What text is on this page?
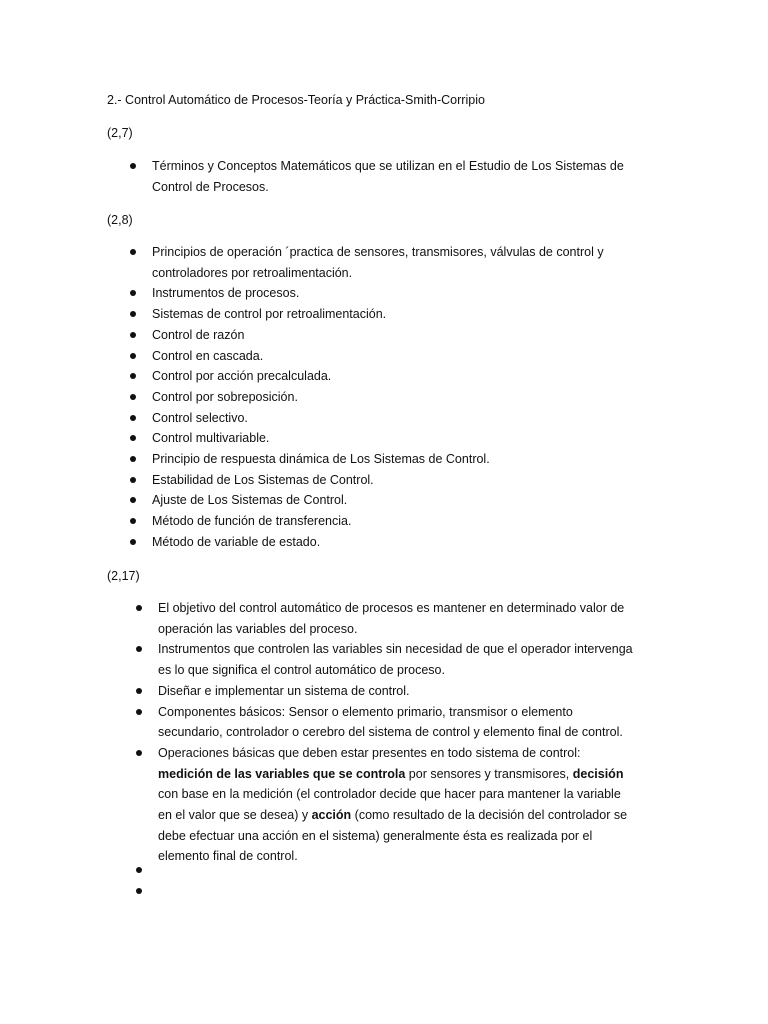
2.- Control Automático de Procesos-Teoría y Práctica-Smith-Corripio

(2,7)

Términos y Conceptos Matemáticos que se utilizan en el Estudio de Los Sistemas de Control de Procesos.

(2,8)

Principios de operación ´practica de sensores, transmisores, válvulas de control y controladores por retroalimentación.
Instrumentos de procesos.
Sistemas de control por retroalimentación.
Control de razón
Control en cascada.
Control por acción precalculada.
Control por sobreposición.
Control selectivo.
Control multivariable.
Principio de respuesta dinámica de Los Sistemas de Control.
Estabilidad de Los Sistemas de Control.
Ajuste de Los Sistemas de Control.
Método de función de transferencia.
Método de variable de estado.

(2,17)

El objetivo del control automático de procesos es mantener en determinado valor de operación las variables del proceso.
Instrumentos que controlen las variables sin necesidad de que el operador intervenga es lo que significa el control automático de proceso.
Diseñar e implementar un sistema de control.
Componentes básicos: Sensor o elemento primario, transmisor o elemento secundario, controlador o cerebro del sistema de control y elemento final de control.
Operaciones básicas que deben estar presentes en todo sistema de control: medición de las variables que se controla por sensores y transmisores, decisión con base en la medición (el controlador decide que hacer para mantener la variable en el valor que se desea) y acción (como resultado de la decisión del controlador se debe efectuar una acción en el sistema) generalmente ésta es realizada por el elemento final de control.
